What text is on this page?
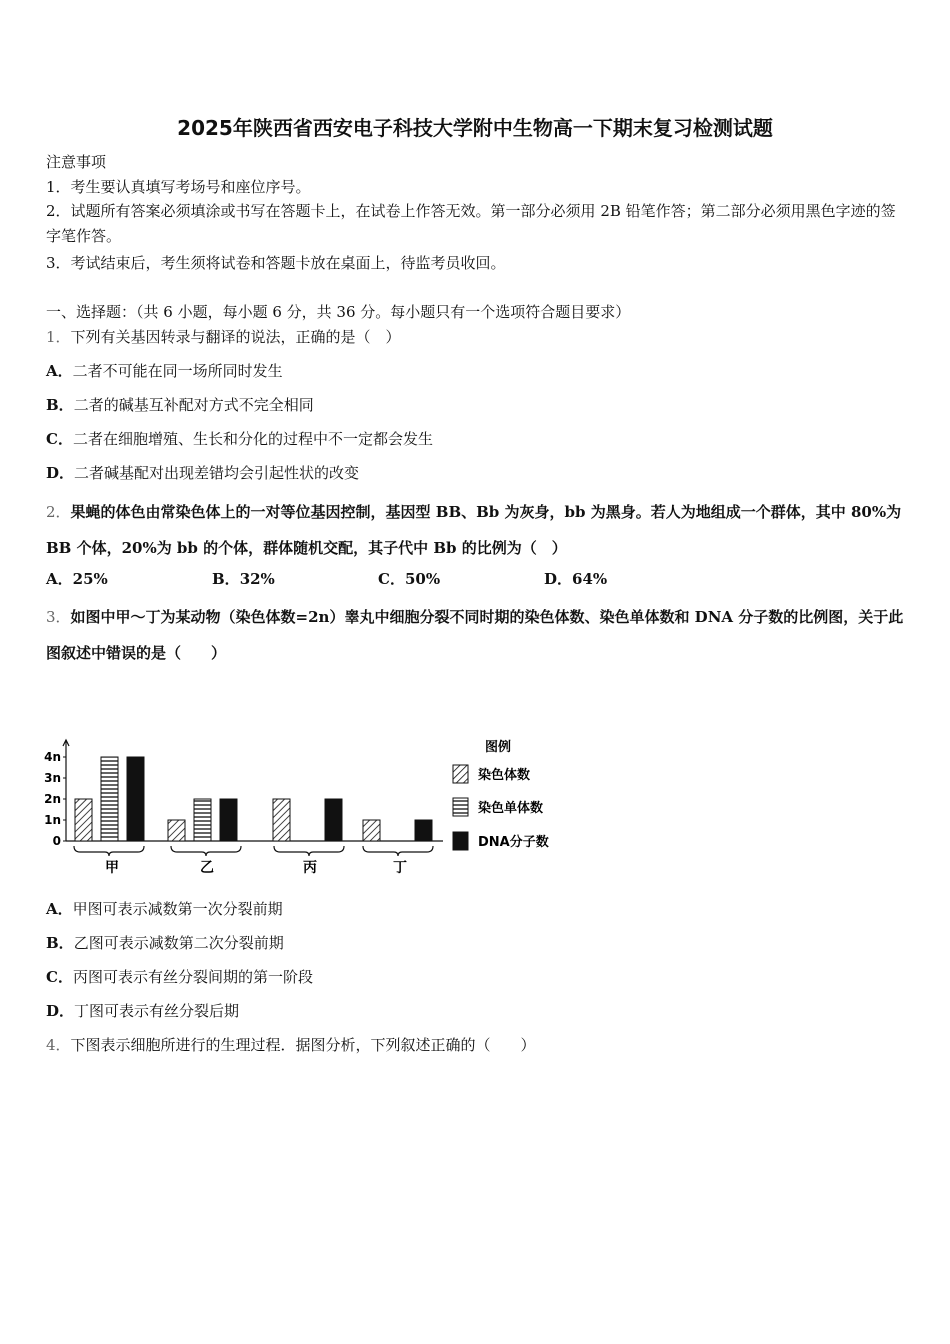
2025年陕西省西安电子科技大学附中生物高一下期末复习检测试题
注意事项
1．考生要认真填写考场号和座位序号。
2．试题所有答案必须填涂或书写在答题卡上，在试卷上作答无效。第一部分必须用 2B 铅笔作答；第二部分必须用黑色字迹的签字笔作答。
3．考试结束后，考生须将试卷和答题卡放在桌面上，待监考员收回。
一、选择题：（共 6 小题，每小题 6 分，共 36 分。每小题只有一个选项符合题目要求）
1．下列有关基因转录与翻译的说法，正确的是（　）
A．二者不可能在同一场所同时发生
B．二者的碱基互补配对方式不完全相同
C．二者在细胞增殖、生长和分化的过程中不一定都会发生
D．二者碱基配对出现差错均会引起性状的改变
2．果蝇的体色由常染色体上的一对等位基因控制，基因型 BB、Bb 为灰身，bb 为黑身。若人为地组成一个群体，其中 80%为 BB 个体，20%为 bb 的个体，群体随机交配，其子代中 Bb 的比例为（　）
A．25%	B．32%	C．50%	D．64%
3．如图中甲～丁为某动物（染色体数=2n）睾丸中细胞分裂不同时期的染色体数、染色单体数和 DNA 分子数的比例图，关于此图叙述中错误的是（　　）
0
1n
2n
3n
4n
甲	乙	丙	丁
图例
染色体数
染色单体数
DNA分子数
A．甲图可表示减数第一次分裂前期
B．乙图可表示减数第二次分裂前期
C．丙图可表示有丝分裂间期的第一阶段
D．丁图可表示有丝分裂后期
4．下图表示细胞所进行的生理过程．据图分析，下列叙述正确的（　　）
